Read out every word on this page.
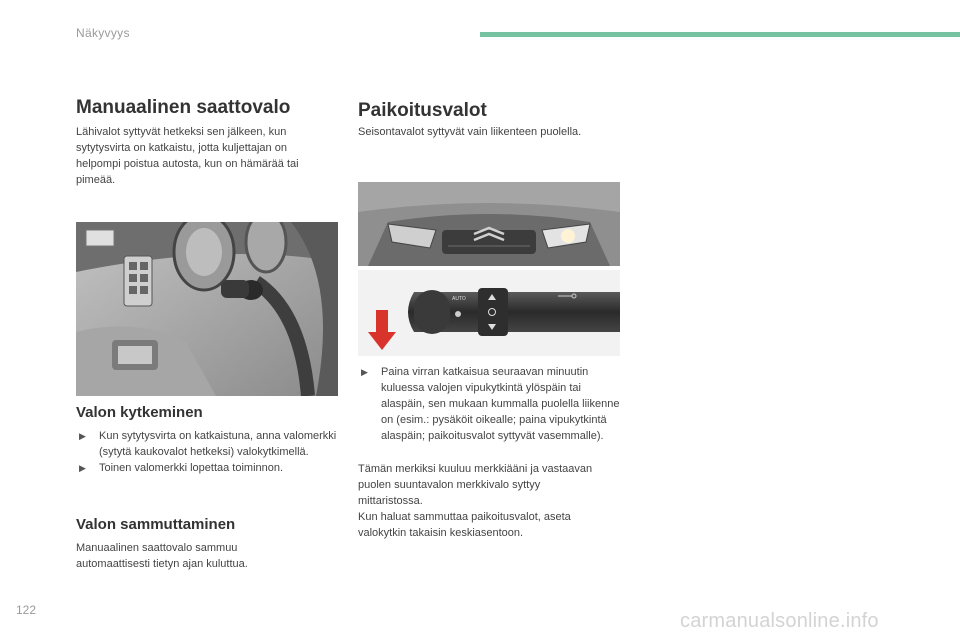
Näkyvyys
Manuaalinen saattovalo

Lähivalot syttyvät hetkeksi sen jälkeen, kun sytytysvirta on katkaistu, jotta kuljettajan on helpompi poistua autosta, kun on hämärää tai pimeää.

Valon kytkeminen
▶ Kun sytytysvirta on katkaistuna, anna valomerkki (sytytä kaukovalot hetkeksi) valokytkimellä.
▶ Toinen valomerkki lopettaa toiminnon.
Valon sammuttaminen

Manuaalinen saattovalo sammuu automaattisesti tietyn ajan kuluttua.

Paikoitusvalot

Seisontavalot syttyvät vain liikenteen puolella.

AUTO
▶ Paina virran katkaisua seuraavan minuutin kuluessa valojen vipukytkintä ylöspäin tai alaspäin, sen mukaan kummalla puolella liikenne on (esim.: pysäköit oikealle; paina vipukytkintä alaspäin; paikoitusvalot syttyvät vasemmalle).

Tämän merkiksi kuuluu merkkiääni ja vastaavan puolen suuntavalon merkkivalo syttyy mittaristossa.

Kun haluat sammuttaa paikoitusvalot, aseta valokytkin takaisin keskiasentoon.

122	carmanualsonline.info
